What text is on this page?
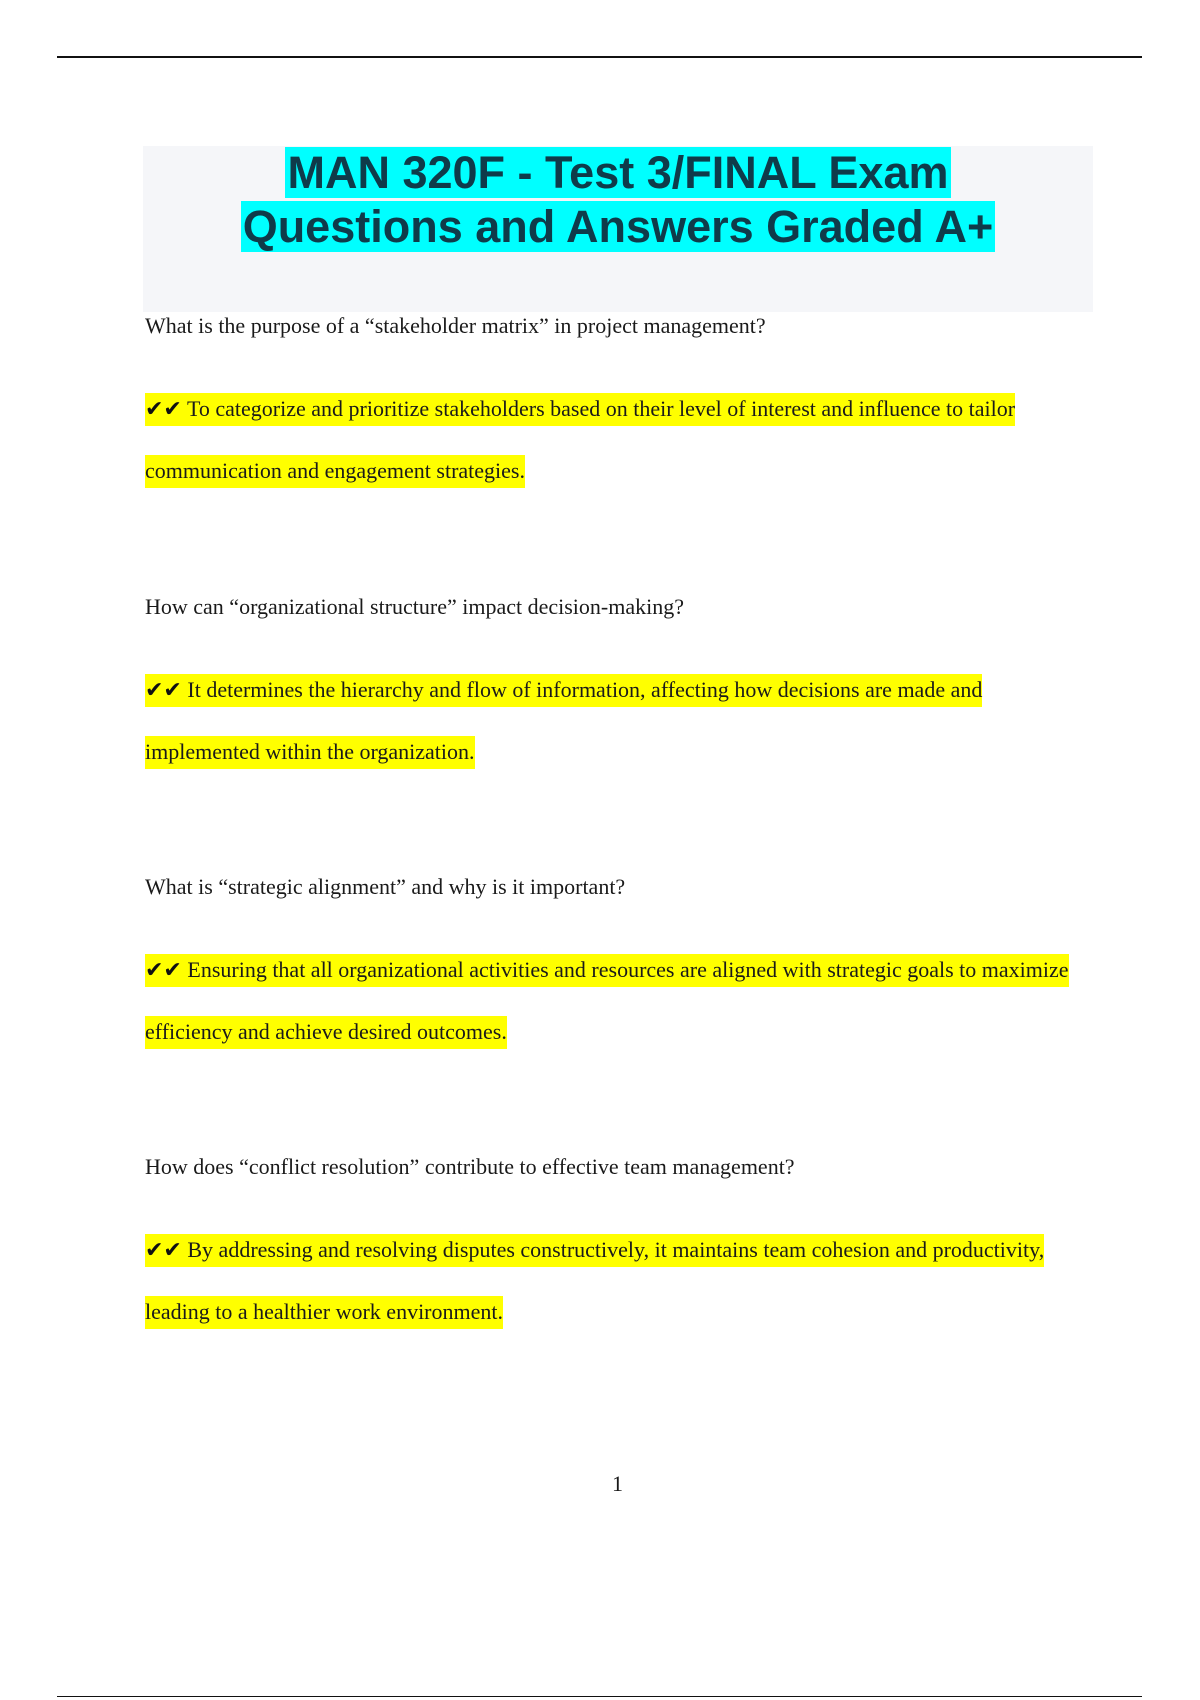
MAN 320F - Test 3/FINAL Exam
Questions and Answers Graded A+

What is the purpose of a “stakeholder matrix” in project management?

✔✔ To categorize and prioritize stakeholders based on their level of interest and influence to tailor communication and engagement strategies.

How can “organizational structure” impact decision-making?

✔✔ It determines the hierarchy and flow of information, affecting how decisions are made and implemented within the organization.

What is “strategic alignment” and why is it important?

✔✔ Ensuring that all organizational activities and resources are aligned with strategic goals to maximize efficiency and achieve desired outcomes.

How does “conflict resolution” contribute to effective team management?

✔✔ By addressing and resolving disputes constructively, it maintains team cohesion and productivity, leading to a healthier work environment.

1
